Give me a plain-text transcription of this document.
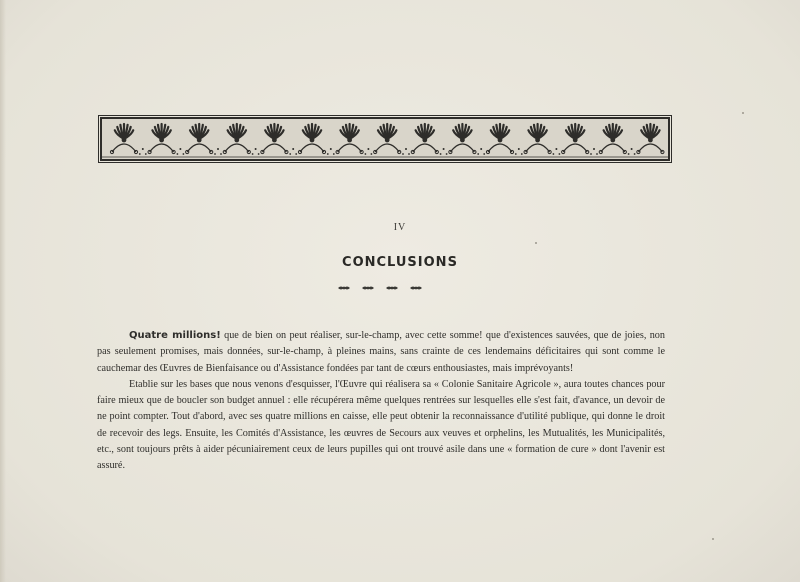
IV
CONCLUSIONS

Quatre millions! que de bien on peut réaliser, sur-le-champ, avec cette somme! que d'existences sauvées, que de joies, non pas seulement promises, mais données, sur-le-champ, à pleines mains, sans crainte de ces lendemains déficitaires qui sont comme le cauchemar des Œuvres de Bienfaisance ou d'Assistance fondées par tant de cœurs enthousiastes, mais imprévoyants!

Etablie sur les bases que nous venons d'esquisser, l'Œuvre qui réalisera sa « Colonie Sanitaire Agricole », aura toutes chances pour faire mieux que de boucler son budget annuel : elle récupérera même quelques rentrées sur lesquelles elle s'est fait, d'avance, un devoir de ne point compter. Tout d'abord, avec ses quatre millions en caisse, elle peut obtenir la reconnaissance d'utilité publique, qui donne le droit de recevoir des legs. Ensuite, les Comités d'Assistance, les œuvres de Secours aux veuves et orphelins, les Mutualités, les Municipalités, etc., sont toujours prêts à aider pécuniairement ceux de leurs pupilles qui ont trouvé asile dans une « formation de cure » dont l'avenir est assuré.
